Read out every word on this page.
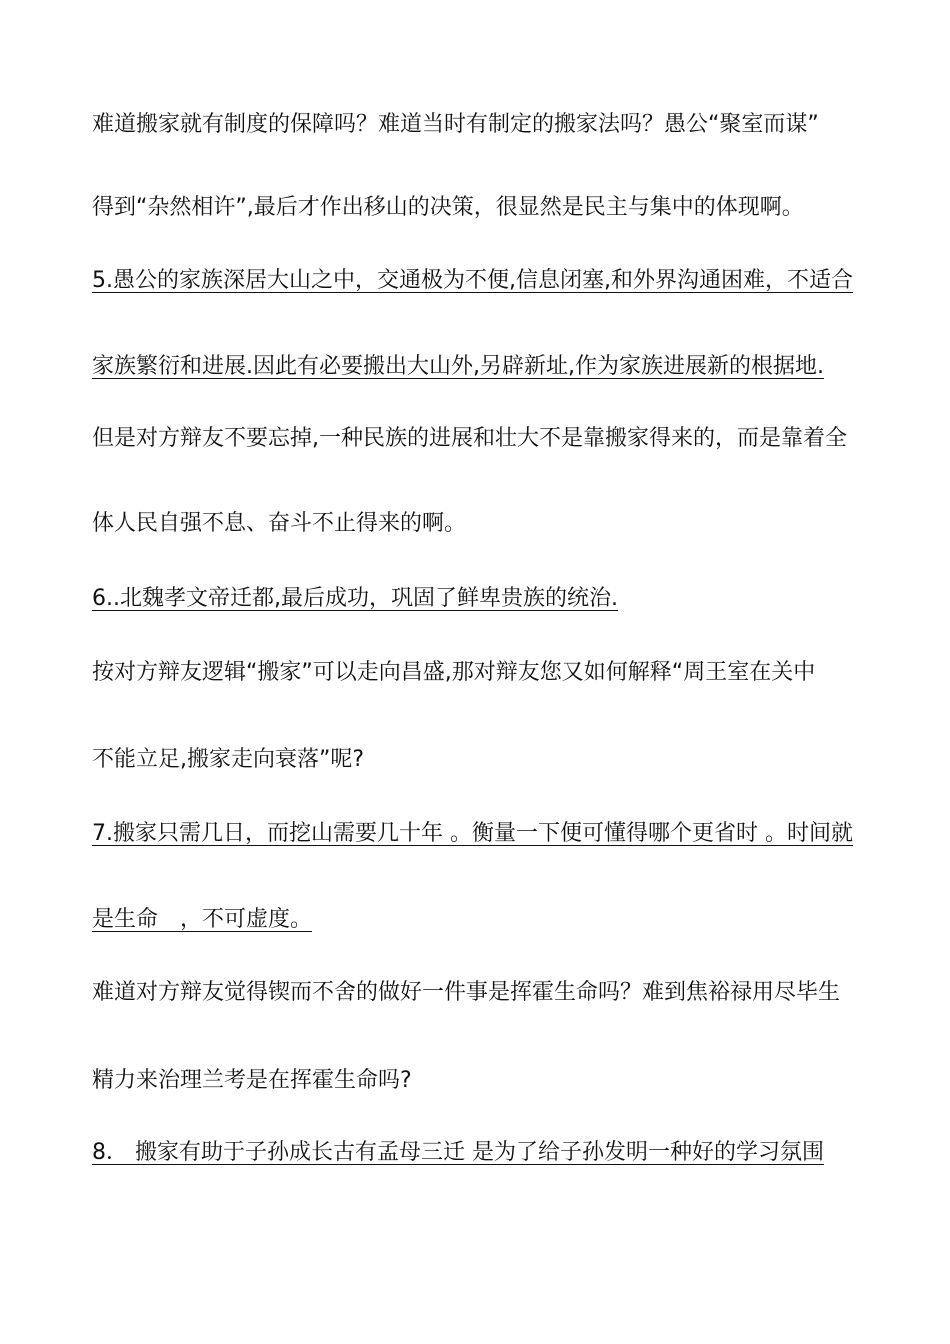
难道搬家就有制度的保障吗？难道当时有制定的搬家法吗？愚公“聚室而谋”
得到“杂然相许”,最后才作出移山的决策，很显然是民主与集中的体现啊。
5.愚公的家族深居大山之中，交通极为不便,信息闭塞,和外界沟通困难，不适合
家族繁衍和进展.因此有必要搬出大山外,另辟新址,作为家族进展新的根据地.
但是对方辩友不要忘掉,一种民族的进展和壮大不是靠搬家得来的，而是靠着全
体人民自强不息、奋斗不止得来的啊。
6..北魏孝文帝迁都,最后成功，巩固了鲜卑贵族的统治.
按对方辩友逻辑“搬家”可以走向昌盛,那对辩友您又如何解释“周王室在关中
不能立足,搬家走向衰落”呢?
7.搬家只需几日，而挖山需要几十年 。衡量一下便可懂得哪个更省时 。时间就
是生命　，不可虚度。
难道对方辩友觉得锲而不舍的做好一件事是挥霍生命吗？难到焦裕禄用尽毕生
精力来治理兰考是在挥霍生命吗?
8． 搬家有助于子孙成长古有孟母三迁 是为了给子孙发明一种好的学习氛围
